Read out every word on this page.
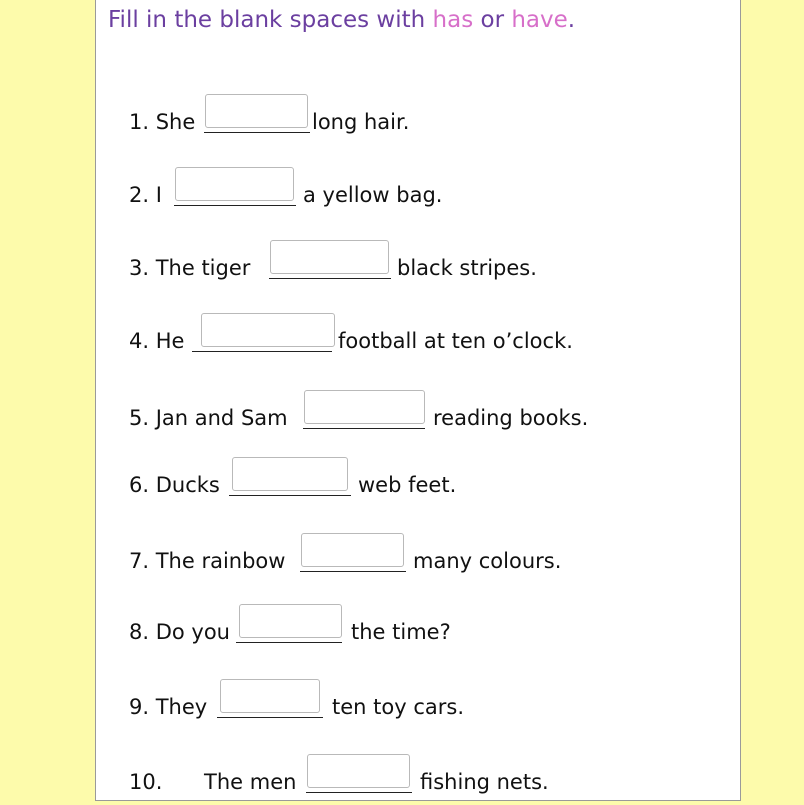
Fill in the blank spaces with has or have.
1. She	long hair.
2. I	a yellow bag.
3. The tiger	black stripes.
4. He	football at ten o’clock.
5. Jan and Sam	reading books.
6. Ducks	web feet.
7. The rainbow	many colours.
8. Do you	the time?
9. They	ten toy cars.
10. The men	fishing nets.
